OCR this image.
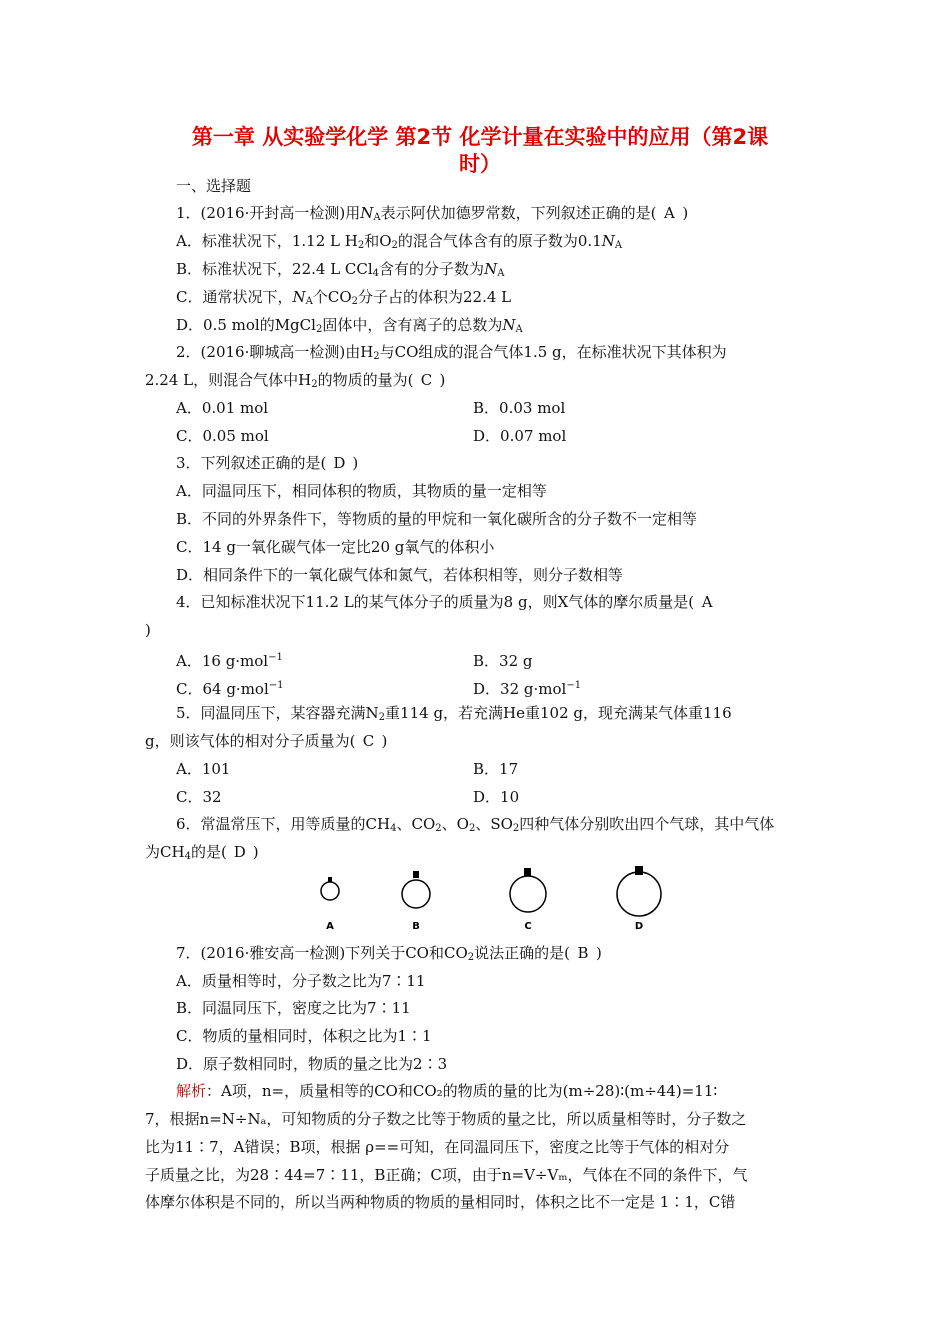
第一章 从实验学化学 第2节 化学计量在实验中的应用（第2课
时）
一、选择题
1．(2016·开封高一检测)用$N_A$表示阿伏加德罗常数，下列叙述正确的是( A )
A．标准状况下，1.12 L $H_2$和$O_2$的混合气体含有的原子数为$0.1N_A$
B．标准状况下，22.4 L CCl$_4$含有的分子数为$N_A$
C．通常状况下，$N_A$个$CO_2$分子占的体积为22.4 L
D．0.5 mol的MgCl$_2$固体中，含有离子的总数为$N_A$
2．(2016·聊城高一检测)由$H_2$与CO组成的混合气体1.5 g，在标准状况下其体积为
2.24 L，则混合气体中$H_2$的物质的量为( C )
A．0.01 mol	B．0.03 mol
C．0.05 mol	D．0.07 mol
3．下列叙述正确的是( D )
A．同温同压下，相同体积的物质，其物质的量一定相等
B．不同的外界条件下，等物质的量的甲烷和一氧化碳所含的分子数不一定相等
C．14 g一氧化碳气体一定比20 g氧气的体积小
D．相同条件下的一氧化碳气体和氮气，若体积相等，则分子数相等
4．已知标准状况下11.2 L的某气体分子的质量为8 g，则X气体的摩尔质量是( A
)
A．16 g·mol$^{-1}$	B．32 g
C．64 g·mol$^{-1}$	D．32 g·mol$^{-1}$
5．同温同压下，某容器充满$N_2$重114 g，若充满He重102 g，现充满某气体重116
g，则该气体的相对分子质量为( C )
A．101	B．17
C．32	D．10
6．常温常压下，用等质量的$CH_4$、$CO_2$、$O_2$、$SO_2$四种气体分别吹出四个气球，其中气体
为$CH_4$的是( D )
A	B	C	D
7．(2016·雅安高一检测)下列关于CO和$CO_2$说法正确的是( B )
A．质量相等时，分子数之比为7∶11
B．同温同压下，密度之比为7∶11
C．物质的量相同时，体积之比为1∶1
D．原子数相同时，物质的量之比为2∶3
解析：A项，n=，质量相等的CO和CO₂的物质的量的比为(m÷28)∶(m÷44)=11∶
7，根据n=N÷Nₐ，可知物质的分子数之比等于物质的量之比，所以质量相等时，分子数之
比为11∶7，A错误；B项，根据 ρ==可知，在同温同压下，密度之比等于气体的相对分
子质量之比，为28∶44=7∶11，B正确；C项，由于n=V÷Vₘ，气体在不同的条件下，气
体摩尔体积是不同的，所以当两种物质的物质的量相同时，体积之比不一定是 1∶1，C错
